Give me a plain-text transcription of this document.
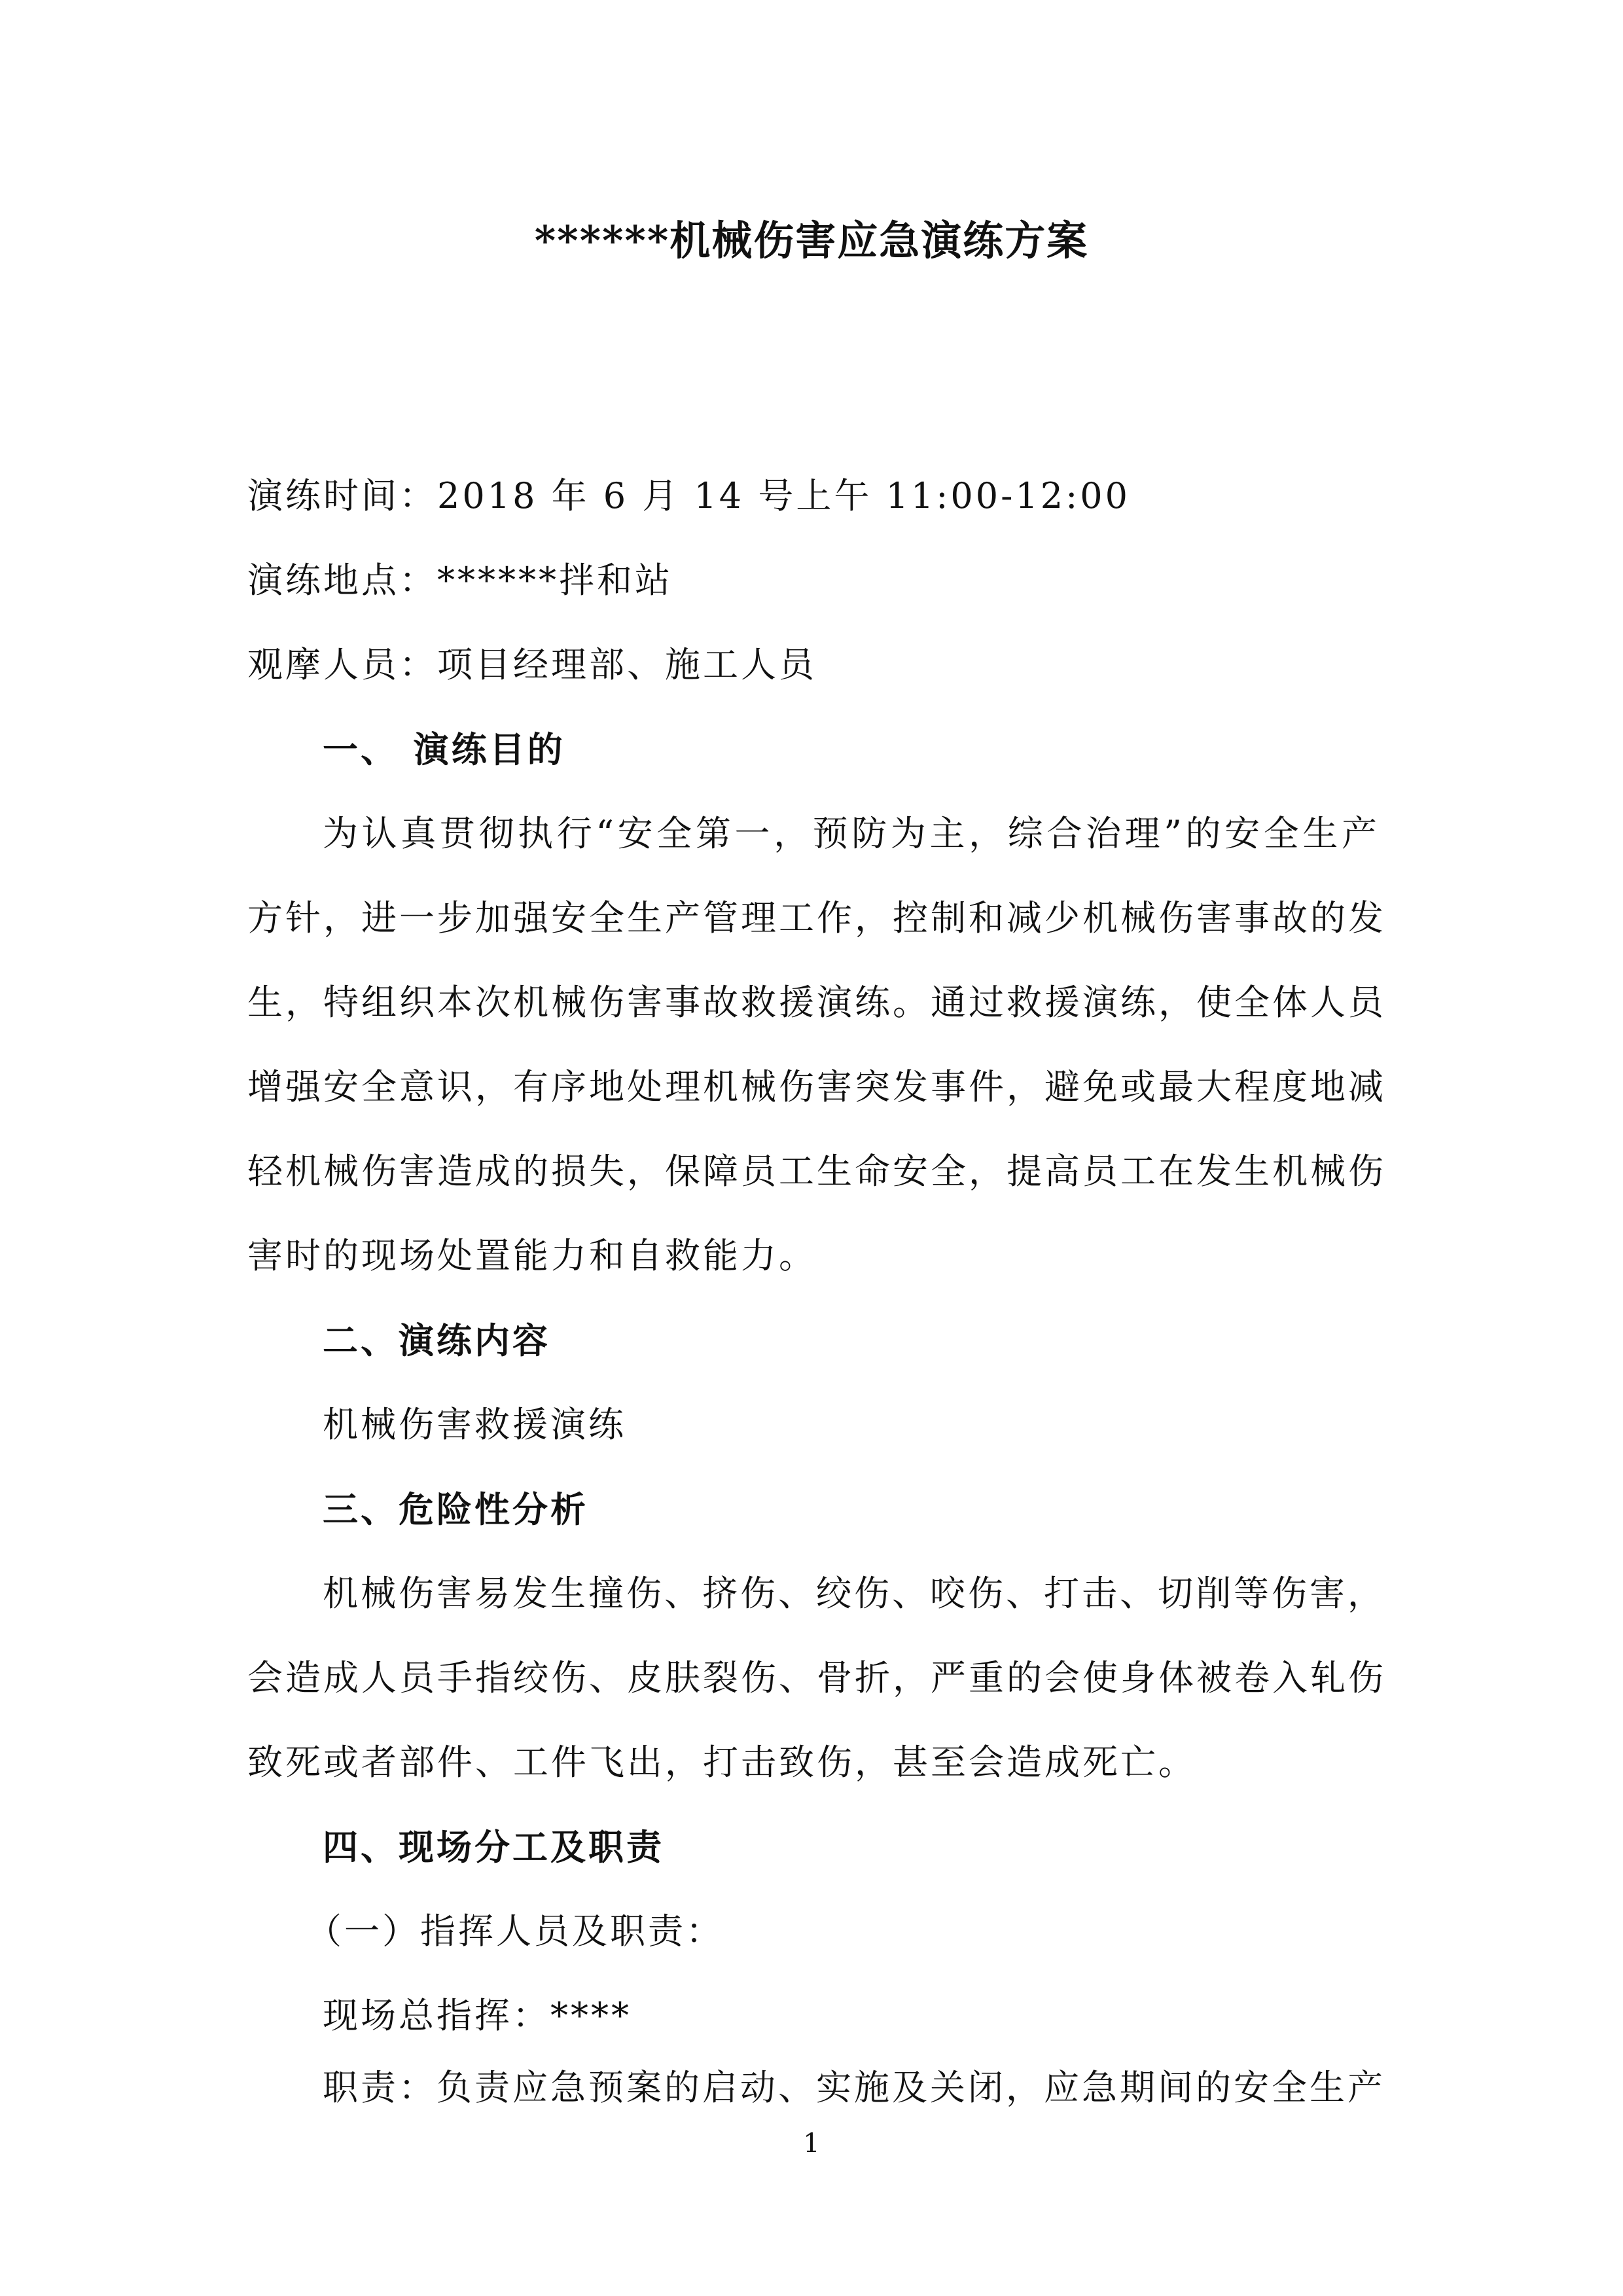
******机械伤害应急演练方案
演练时间：2018 年 6 月 14 号上午 11:00-12:00
演练地点：******拌和站
观摩人员：项目经理部、施工人员
一、 演练目的
为认真贯彻执行“安全第一，预防为主，综合治理”的安全生产
方针，进一步加强安全生产管理工作，控制和减少机械伤害事故的发
生，特组织本次机械伤害事故救援演练。通过救援演练，使全体人员
增强安全意识，有序地处理机械伤害突发事件，避免或最大程度地减
轻机械伤害造成的损失，保障员工生命安全，提高员工在发生机械伤
害时的现场处置能力和自救能力。
二、演练内容
机械伤害救援演练
三、危险性分析
机械伤害易发生撞伤、挤伤、绞伤、咬伤、打击、切削等伤害，
会造成人员手指绞伤、皮肤裂伤、骨折，严重的会使身体被卷入轧伤
致死或者部件、工件飞出，打击致伤，甚至会造成死亡。
四、现场分工及职责
（一）指挥人员及职责：
现场总指挥：****
职责：负责应急预案的启动、实施及关闭，应急期间的安全生产
1
